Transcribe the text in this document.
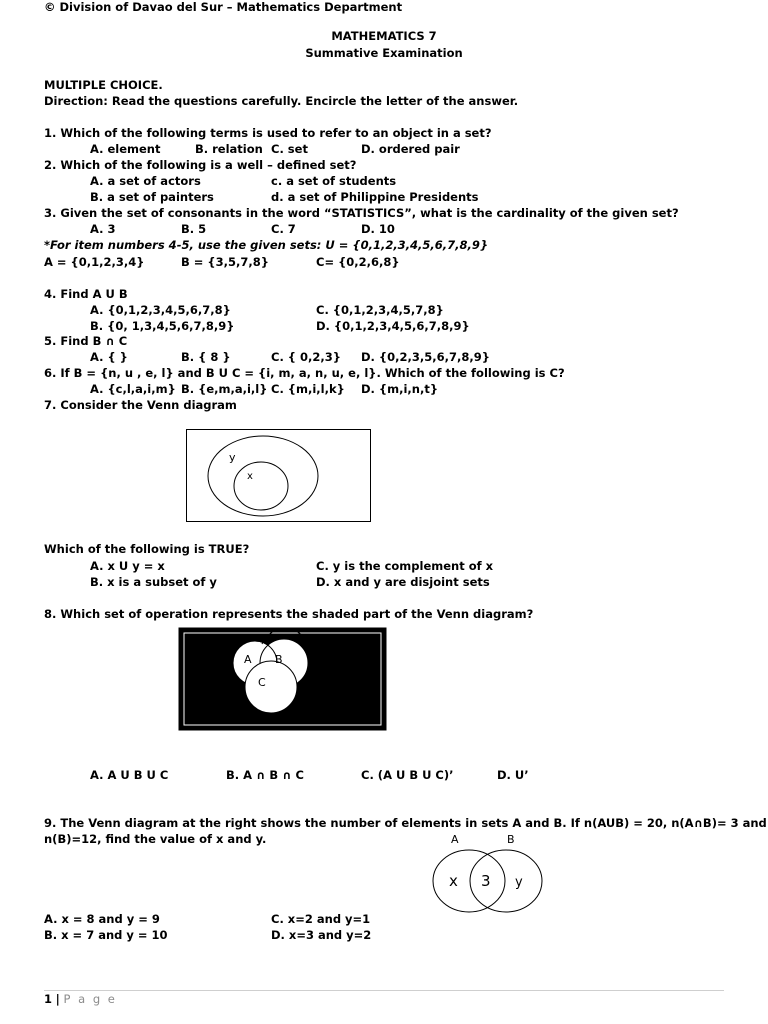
© Division of Davao del Sur – Mathematics Department
MATHEMATICS 7
Summative Examination
MULTIPLE CHOICE.
Direction: Read the questions carefully. Encircle the letter of the answer.
1. Which of the following terms is used to refer to an object in a set?
A. element	B. relation C. set	D. ordered pair
2. Which of the following is a well – defined set?
A. a set of actors	c. a set of students
B. a set of painters	d. a set of Philippine Presidents
3. Given the set of consonants in the word “STATISTICS”, what is the cardinality of the given set?
A. 3	B. 5	C. 7	D. 10
*For item numbers 4-5, use the given sets: U = {0,1,2,3,4,5,6,7,8,9}
A = {0,1,2,3,4}	B = {3,5,7,8}	C= {0,2,6,8}
4. Find A U B
A. {0,1,2,3,4,5,6,7,8}	C. {0,1,2,3,4,5,7,8}
B. {0, 1,3,4,5,6,7,8,9}	D. {0,1,2,3,4,5,6,7,8,9}
5. Find B ∩ C
A. { }	B. { 8 }	C. { 0,2,3} D. {0,2,3,5,6,7,8,9}
6. If B = {n, u , e, l} and B U C = {i, m, a, n, u, e, l}. Which of the following is C?
A. {c,l,a,i,m} B. {e,m,a,i,l} C. {m,i,l,k} D. {m,i,n,t}
7. Consider the Venn diagram
y
x
Which of the following is TRUE?
A. x U y = x	C. y is the complement of x
B. x is a subset of y	D. x and y are disjoint sets
8. Which set of operation represents the shaded part of the Venn diagram?
A B
C
A. A U B U C	B. A ∩ B ∩ C	C. (A U B U C)’	D. U’
9. The Venn diagram at the right shows the number of elements in sets A and B. If n(AUB) = 20, n(A∩B)= 3 and
n(B)=12, find the value of x and y.	A	B
x 3 y
A. x = 8 and y = 9	C. x=2 and y=1
B. x = 7 and y = 10	D. x=3 and y=2
1 | P a g e
